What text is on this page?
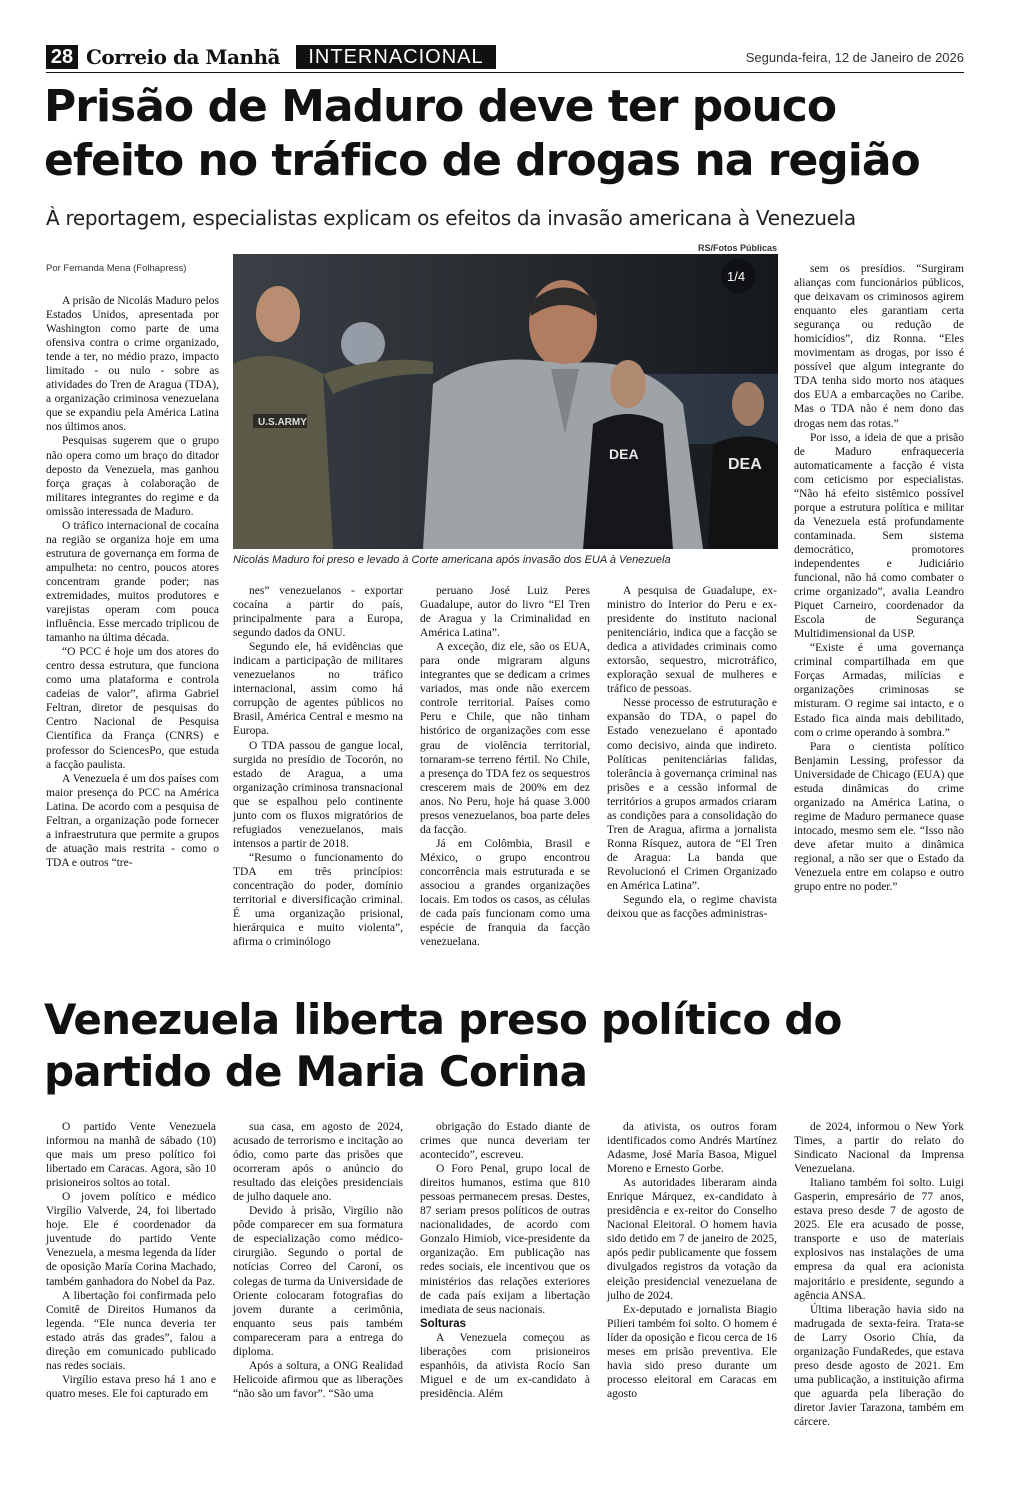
28 Correio da Manhã	INTERNACIONAL	Segunda-feira, 12 de Janeiro de 2026
Prisão de Maduro deve ter pouco efeito no tráfico de drogas na região
À reportagem, especialistas explicam os efeitos da invasão americana à Venezuela
RS/Fotos Públicas
Por Fernanda Mena (Folhapress)
U.S.ARMY
DEA
DEA
1/4
Nicolás Maduro foi preso e levado à Corte americana após invasão dos EUA à Venezuela

A prisão de Nicolás Maduro pelos Estados Unidos, apresentada por Washington como parte de uma ofensiva contra o crime organizado, tende a ter, no médio prazo, impacto limitado - ou nulo - sobre as atividades do Tren de Aragua (TDA), a organização criminosa venezuelana que se expandiu pela América Latina nos últimos anos.

Pesquisas sugerem que o grupo não opera como um braço do ditador deposto da Venezuela, mas ganhou força graças à colaboração de militares integrantes do regime e da omissão interessada de Maduro.

O tráfico internacional de cocaína na região se organiza hoje em uma estrutura de governança em forma de ampulheta: no centro, poucos atores concentram grande poder; nas extremidades, muitos produtores e varejistas operam com pouca influência. Esse mercado triplicou de tamanho na última década.

“O PCC é hoje um dos atores do centro dessa estrutura, que funciona como uma plataforma e controla cadeias de valor”, afirma Gabriel Feltran, diretor de pesquisas do Centro Nacional de Pesquisa Científica da França (CNRS) e professor do SciencesPo, que estuda a facção paulista.

A Venezuela é um dos países com maior presença do PCC na América Latina. De acordo com a pesquisa de Feltran, a organização pode fornecer a infraestrutura que permite a grupos de atuação mais restrita - como o TDA e outros “tre-

nes” venezuelanos - exportar cocaína a partir do país, principalmente para a Europa, segundo dados da ONU.

Segundo ele, há evidências que indicam a participação de militares venezuelanos no tráfico internacional, assim como há corrupção de agentes públicos no Brasil, América Central e mesmo na Europa.

O TDA passou de gangue local, surgida no presídio de Tocorón, no estado de Aragua, a uma organização criminosa transnacional que se espalhou pelo continente junto com os fluxos migratórios de refugiados venezuelanos, mais intensos a partir de 2018.

“Resumo o funcionamento do TDA em três princípios: concentração do poder, domínio territorial e diversificação criminal. É uma organização prisional, hierárquica e muito violenta”, afirma o criminólogo

peruano José Luiz Peres Guadalupe, autor do livro “El Tren de Aragua y la Criminalidad en América Latina”.

A exceção, diz ele, são os EUA, para onde migraram alguns integrantes que se dedicam a crimes variados, mas onde não exercem controle territorial. Países como Peru e Chile, que não tinham histórico de organizações com esse grau de violência territorial, tornaram-se terreno fértil. No Chile, a presença do TDA fez os sequestros crescerem mais de 200% em dez anos. No Peru, hoje há quase 3.000 presos venezuelanos, boa parte deles da facção.

Já em Colômbia, Brasil e México, o grupo encontrou concorrência mais estruturada e se associou a grandes organizações locais. Em todos os casos, as células de cada país funcionam como uma espécie de franquia da facção venezuelana.

A pesquisa de Guadalupe, ex-ministro do Interior do Peru e ex-presidente do instituto nacional penitenciário, indica que a facção se dedica a atividades criminais como extorsão, sequestro, microtráfico, exploração sexual de mulheres e tráfico de pessoas.

Nesse processo de estruturação e expansão do TDA, o papel do Estado venezuelano é apontado como decisivo, ainda que indireto. Políticas penitenciárias falidas, tolerância à governança criminal nas prisões e a cessão informal de territórios a grupos armados criaram as condições para a consolidação do Tren de Aragua, afirma a jornalista Ronna Rísquez, autora de “El Tren de Aragua: La banda que Revolucionó el Crimen Organizado en América Latina”.

Segundo ela, o regime chavista deixou que as facções administras-

sem os presídios. “Surgiram alianças com funcionários públicos, que deixavam os criminosos agirem enquanto eles garantiam certa segurança ou redução de homicídios”, diz Ronna. “Eles movimentam as drogas, por isso é possível que algum integrante do TDA tenha sido morto nos ataques dos EUA a embarcações no Caribe. Mas o TDA não é nem dono das drogas nem das rotas.”

Por isso, a ideia de que a prisão de Maduro enfraqueceria automaticamente a facção é vista com ceticismo por especialistas. “Não há efeito sistêmico possível porque a estrutura política e militar da Venezuela está profundamente contaminada. Sem sistema democrático, promotores independentes e Judiciário funcional, não há como combater o crime organizado”, avalia Leandro Piquet Carneiro, coordenador da Escola de Segurança Multidimensional da USP.

“Existe é uma governança criminal compartilhada em que Forças Armadas, milícias e organizações criminosas se misturam. O regime sai intacto, e o Estado fica ainda mais debilitado, com o crime operando à sombra.”

Para o cientista político Benjamin Lessing, professor da Universidade de Chicago (EUA) que estuda dinâmicas do crime organizado na América Latina, o regime de Maduro permanece quase intocado, mesmo sem ele. “Isso não deve afetar muito a dinâmica regional, a não ser que o Estado da Venezuela entre em colapso e outro grupo entre no poder.”

Venezuela liberta preso político do partido de Maria Corina

O partido Vente Venezuela informou na manhã de sábado (10) que mais um preso político foi libertado em Caracas. Agora, são 10 prisioneiros soltos ao total.

O jovem político e médico Virgílio Valverde, 24, foi libertado hoje. Ele é coordenador da juventude do partido Vente Venezuela, a mesma legenda da líder de oposição María Corina Machado, também ganhadora do Nobel da Paz.

A libertação foi confirmada pelo Comitê de Direitos Humanos da legenda. “Ele nunca deveria ter estado atrás das grades”, falou a direção em comunicado publicado nas redes sociais.

Virgílio estava preso há 1 ano e quatro meses. Ele foi capturado em

sua casa, em agosto de 2024, acusado de terrorismo e incitação ao ódio, como parte das prisões que ocorreram após o anúncio do resultado das eleições presidenciais de julho daquele ano.

Devido à prisão, Virgílio não pôde comparecer em sua formatura de especialização como médico-cirurgião. Segundo o portal de notícias Correo del Caroní, os colegas de turma da Universidade de Oriente colocaram fotografias do jovem durante a cerimônia, enquanto seus pais também compareceram para a entrega do diploma.

Após a soltura, a ONG Realidad Helicoide afirmou que as liberações “não são um favor”. “São uma

obrigação do Estado diante de crimes que nunca deveriam ter acontecido”, escreveu.

O Foro Penal, grupo local de direitos humanos, estima que 810 pessoas permanecem presas. Destes, 87 seriam presos políticos de outras nacionalidades, de acordo com Gonzalo Himiob, vice-presidente da organização. Em publicação nas redes sociais, ele incentivou que os ministérios das relações exteriores de cada país exijam a libertação imediata de seus nacionais.

Solturas

A Venezuela começou as liberações com prisioneiros espanhóis, da ativista Rocío San Miguel e de um ex-candidato à presidência. Além

da ativista, os outros foram identificados como Andrés Martínez Adasme, José María Basoa, Miguel Moreno e Ernesto Gorbe.

As autoridades liberaram ainda Enrique Márquez, ex-candidato à presidência e ex-reitor do Conselho Nacional Eleitoral. O homem havia sido detido em 7 de janeiro de 2025, após pedir publicamente que fossem divulgados registros da votação da eleição presidencial venezuelana de julho de 2024.

Ex-deputado e jornalista Biagio Pilieri também foi solto. O homem é líder da oposição e ficou cerca de 16 meses em prisão preventiva. Ele havia sido preso durante um processo eleitoral em Caracas em agosto

de 2024, informou o New York Times, a partir do relato do Sindicato Nacional da Imprensa Venezuelana.

Italiano também foi solto. Luigi Gasperin, empresário de 77 anos, estava preso desde 7 de agosto de 2025. Ele era acusado de posse, transporte e uso de materiais explosivos nas instalações de uma empresa da qual era acionista majoritário e presidente, segundo a agência ANSA.

Última liberação havia sido na madrugada de sexta-feira. Trata-se de Larry Osorio Chía, da organização FundaRedes, que estava preso desde agosto de 2021. Em uma publicação, a instituição afirma que aguarda pela liberação do diretor Javier Tarazona, também em cárcere.
